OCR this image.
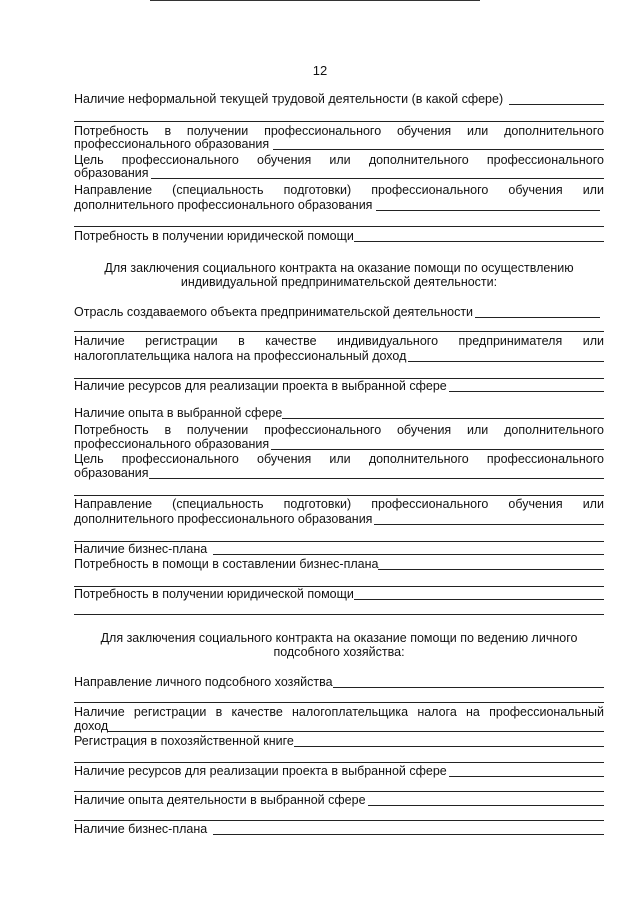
12
Наличие неформальной текущей трудовой деятельности (в какой сфере)
Потребность в получении профессионального обучения или дополнительного
профессионального образования
Цель профессионального обучения или дополнительного профессионального
образования
Направление (специальность подготовки) профессионального обучения или
дополнительного профессионального образования
Потребность в получении юридической помощи
Для заключения социального контракта на оказание помощи по осуществлению
индивидуальной предпринимательской деятельности:
Отрасль создаваемого объекта предпринимательской деятельности
Наличие регистрации в качестве индивидуального предпринимателя или
налогоплательщика налога на профессиональный доход
Наличие ресурсов для реализации проекта в выбранной сфере
Наличие опыта в выбранной сфере
Потребность в получении профессионального обучения или дополнительного
профессионального образования
Цель профессионального обучения или дополнительного профессионального
образования
Направление (специальность подготовки) профессионального обучения или
дополнительного профессионального образования
Наличие бизнес-плана
Потребность в помощи в составлении бизнес-плана
Потребность в получении юридической помощи
Для заключения социального контракта на оказание помощи по ведению личного
подсобного хозяйства:
Направление личного подсобного хозяйства
Наличие регистрации в качестве налогоплательщика налога на профессиональный
доход
Регистрация в похозяйственной книге
Наличие ресурсов для реализации проекта в выбранной сфере
Наличие опыта деятельности в выбранной сфере
Наличие бизнес-плана
